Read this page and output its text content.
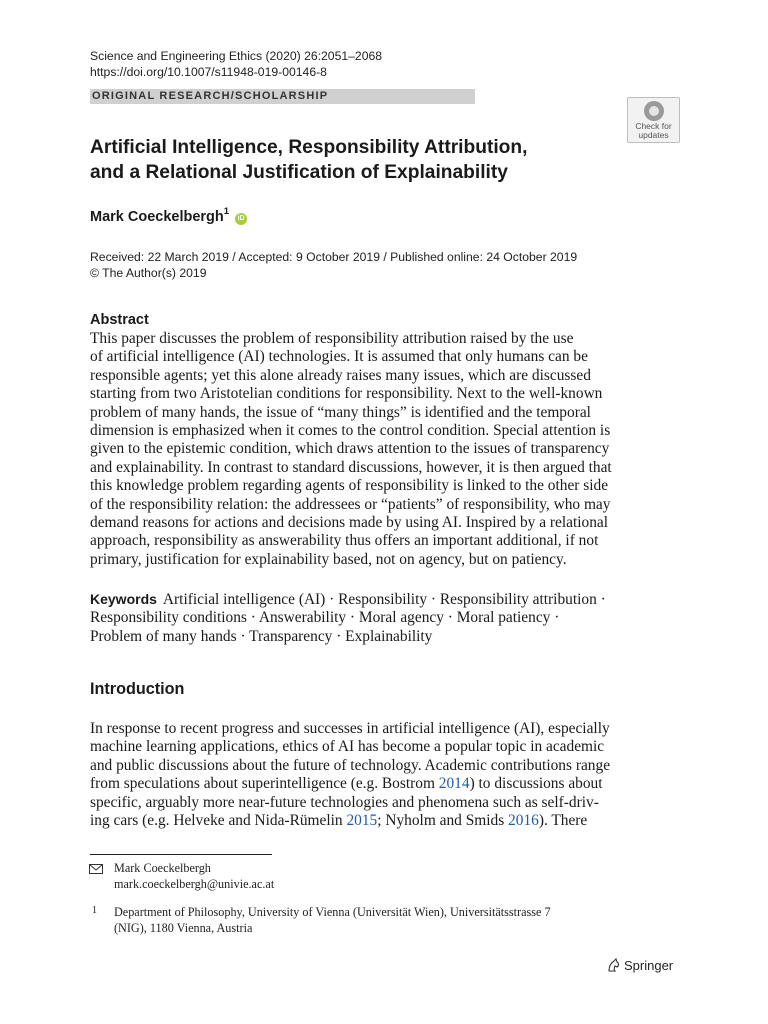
Science and Engineering Ethics (2020) 26:2051–2068
https://doi.org/10.1007/s11948-019-00146-8
ORIGINAL RESEARCH/SCHOLARSHIP
Check for
updates
Artificial Intelligence, Responsibility Attribution,
and a Relational Justification of Explainability
Mark Coeckelbergh$^1$ iD
Received: 22 March 2019 / Accepted: 9 October 2019 / Published online: 24 October 2019
© The Author(s) 2019
Abstract
This paper discusses the problem of responsibility attribution raised by the use
of artificial intelligence (AI) technologies. It is assumed that only humans can be
responsible agents; yet this alone already raises many issues, which are discussed
starting from two Aristotelian conditions for responsibility. Next to the well-known
problem of many hands, the issue of “many things” is identified and the temporal
dimension is emphasized when it comes to the control condition. Special attention is
given to the epistemic condition, which draws attention to the issues of transparency
and explainability. In contrast to standard discussions, however, it is then argued that
this knowledge problem regarding agents of responsibility is linked to the other side
of the responsibility relation: the addressees or “patients” of responsibility, who may
demand reasons for actions and decisions made by using AI. Inspired by a relational
approach, responsibility as answerability thus offers an important additional, if not
primary, justification for explainability based, not on agency, but on patiency.
Keywords Artificial intelligence (AI) · Responsibility · Responsibility attribution ·
Responsibility conditions · Answerability · Moral agency · Moral patiency ·
Problem of many hands · Transparency · Explainability
Introduction
In response to recent progress and successes in artificial intelligence (AI), especially
machine learning applications, ethics of AI has become a popular topic in academic
and public discussions about the future of technology. Academic contributions range
from speculations about superintelligence (e.g. Bostrom 2014) to discussions about
specific, arguably more near-future technologies and phenomena such as self-driv-
ing cars (e.g. Helveke and Nida-Rümelin 2015; Nyholm and Smids 2016). There
Mark Coeckelbergh
mark.coeckelbergh@univie.ac.at
1 Department of Philosophy, University of Vienna (Universität Wien), Universitätsstrasse 7
(NIG), 1180 Vienna, Austria
Springer
